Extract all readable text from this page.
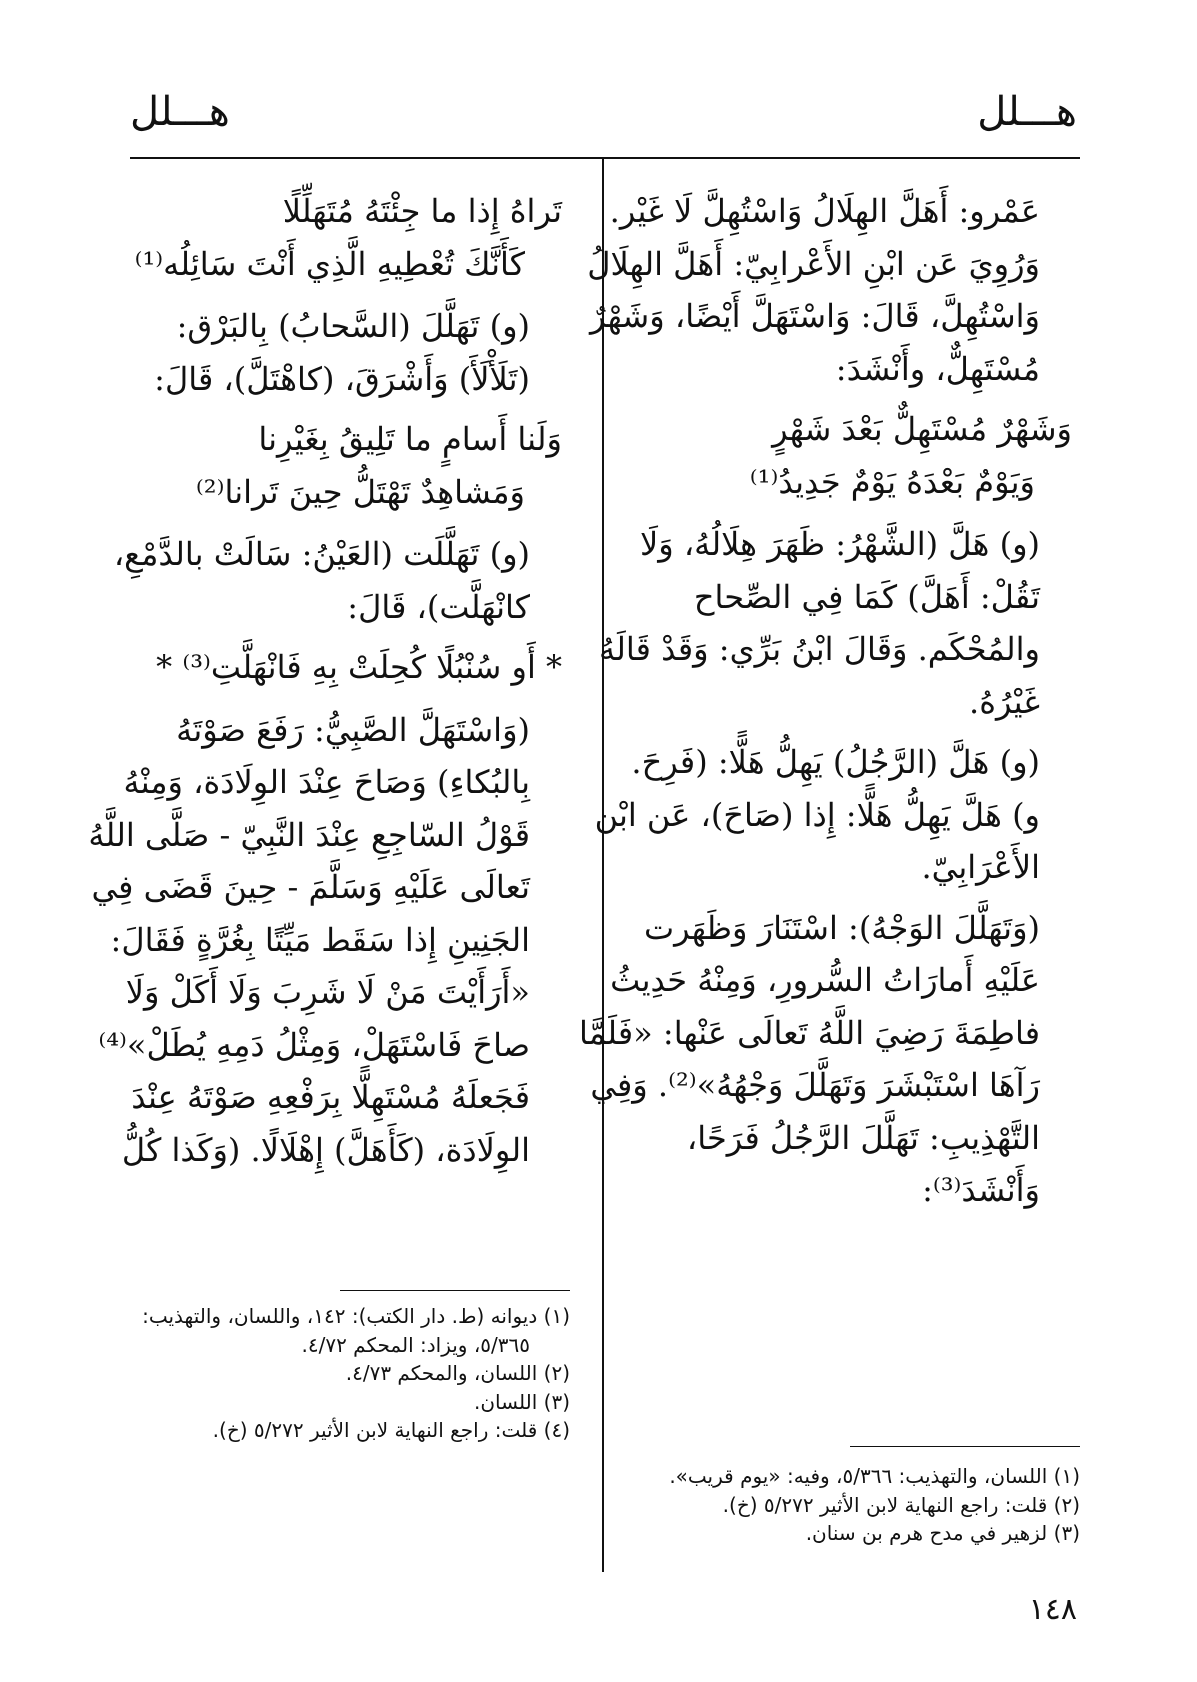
هـــلل
هـــلل
عَمْرو: أَهَلَّ الهِلَالُ وَاسْتُهِلَّ لَا غَيْر.
وَرُوِيَ عَن ابْنِ الأَعْرابِيّ: أَهَلَّ الهِلَالُ
وَاسْتُهِلَّ، قَالَ: وَاسْتَهَلَّ أَيْضًا، وَشَهْرٌ
مُسْتَهِلٌّ، وأَنْشَدَ:
وَشَهْرٌ مُسْتَهِلٌّ بَعْدَ شَهْرٍ
وَيَوْمٌ بَعْدَهُ يَوْمٌ جَدِيدُ⁽¹⁾
(و) هَلَّ (الشَّهْرُ: ظَهَرَ هِلَالُهُ، وَلَا
تَقُلْ: أَهَلَّ) كَمَا فِي الصِّحاح
والمُحْكَم. وَقَالَ ابْنُ بَرِّي: وَقَدْ قَالَهُ
غَيْرُهُ.
(و) هَلَّ (الرَّجُلُ) يَهِلُّ هَلًّا: (فَرِحَ.
و) هَلَّ يَهِلُّ هَلًّا: إِذا (صَاحَ)، عَن ابْن
الأَعْرَابِيّ.
(وَتَهَلَّلَ الوَجْهُ): اسْتَنَارَ وَظَهَرت
عَلَيْهِ أَمارَاتُ السُّرورِ، وَمِنْهُ حَدِيثُ
فاطِمَةَ رَضِيَ اللَّهُ تَعالَى عَنْها: «فَلَمَّا
رَآهَا اسْتَبْشَرَ وَتَهَلَّلَ وَجْهُهُ»⁽²⁾. وَفِي
التَّهْذِيبِ: تَهَلَّلَ الرَّجُلُ فَرَحًا،
وَأَنْشَدَ⁽³⁾:
تَراهُ إِذا ما جِئْتَهُ مُتَهَلِّلًا
كَأَنَّكَ تُعْطِيهِ الَّذِي أَنْتَ سَائِلُه⁽¹⁾
(و) تَهَلَّلَ (السَّحابُ) بِالبَرْق:
(تَلَأْلَأَ) وَأَشْرَقَ، (كاهْتَلَّ)، قَالَ:
وَلَنا أَسامٍ ما تَلِيقُ بِغَيْرِنا
وَمَشاهِدٌ تَهْتَلُّ حِينَ تَرانا⁽²⁾
(و) تَهَلَّلَت (العَيْنُ: سَالَتْ بالدَّمْعِ،
كانْهَلَّت)، قَالَ:
* أَو سُنْبُلًا كُحِلَتْ بِهِ فَانْهَلَّتِ⁽³⁾ *
(وَاسْتَهَلَّ الصَّبِيُّ: رَفَعَ صَوْتَهُ
بِالبُكاءِ) وَصَاحَ عِنْدَ الوِلَادَة، وَمِنْهُ
قَوْلُ السّاجِعِ عِنْدَ النَّبِيّ - صَلَّى اللَّهُ
تَعالَى عَلَيْهِ وَسَلَّمَ - حِينَ قَضَى فِي
الجَنِينِ إِذا سَقَط مَيِّتًا بِغُرَّةٍ فَقَالَ:
«أَرَأَيْتَ مَنْ لَا شَرِبَ وَلَا أَكَلْ وَلَا
صاحَ فَاسْتَهَلْ، وَمِثْلُ دَمِهِ يُطَلْ»⁽⁴⁾
فَجَعلَهُ مُسْتَهِلًّا بِرَفْعِهِ صَوْتَهُ عِنْدَ
الوِلَادَة، (كَأَهَلَّ) إِهْلَالًا. (وَكَذا كُلُّ
(١) اللسان، والتهذيب: ٥/٣٦٦، وفيه: «يوم قريب».
(٢) قلت: راجع النهاية لابن الأثير ٥/٢٧٢ (خ).
(٣) لزهير في مدح هرم بن سنان.
(١) ديوانه (ط. دار الكتب): ١٤٢، واللسان، والتهذيب:
٥/٣٦٥، ويزاد: المحكم ٤/٧٢.
(٢) اللسان، والمحكم ٤/٧٣.
(٣) اللسان.
(٤) قلت: راجع النهاية لابن الأثير ٥/٢٧٢ (خ).
١٤٨
